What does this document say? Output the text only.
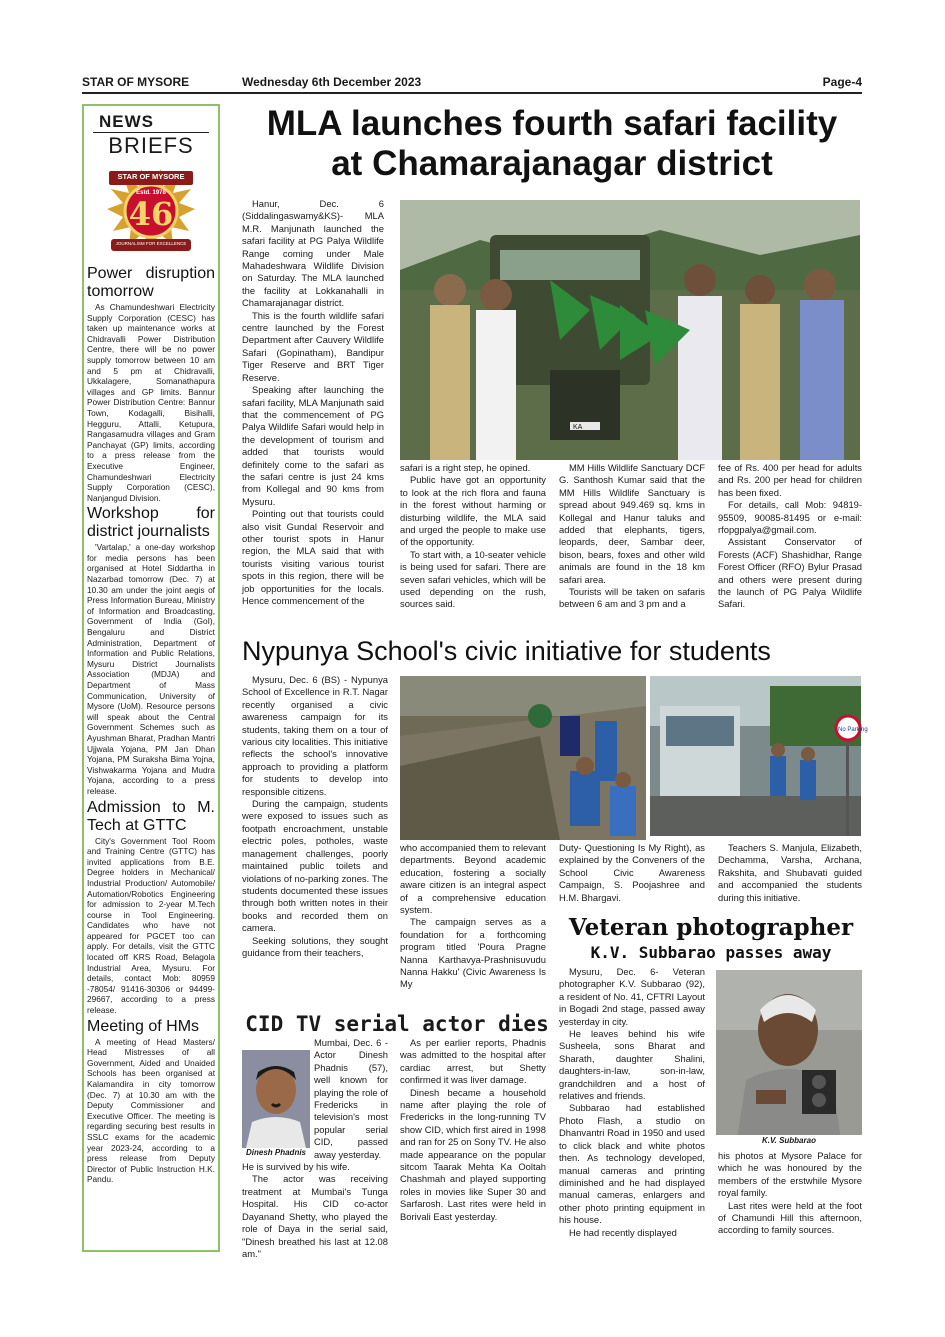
STAR OF MYSORE	Wednesday 6th December 2023	Page-4
NEWS
BRIEFS
STAR OF MYSORE
Estd. 1978
46
JOURNALISM FOR EXCELLENCE
Power disruption tomorrow

As Chamundeshwari Electricity Supply Corporation (CESC) has taken up maintenance works at Chidravalli Power Distribution Centre, there will be no power supply tomorrow between 10 am and 5 pm at Chidravalli, Ukkalagere, Somanathapura villages and GP limits. Bannur Power Distribution Centre: Bannur Town, Kodagalli, Bisihalli, Hegguru, Attalli, Ketupura, Rangasamudra villages and Gram Panchayat (GP) limits, according to a press release from the Executive Engineer, Chamundeshwari Electricity Supply Corporation (CESC), Nanjangud Division.

Workshop for district journalists

'Vartalap,' a one-day workshop for media persons has been organised at Hotel Siddartha in Nazarbad tomorrow (Dec. 7) at 10.30 am under the joint aegis of Press Information Bureau, Ministry of Information and Broadcasting, Government of India (GoI), Bengaluru and District Administration, Department of Information and Public Relations, Mysuru District Journalists Association (MDJA) and Department of Mass Communication, University of Mysore (UoM). Resource persons will speak about the Central Government Schemes such as Ayushman Bharat, Pradhan Mantri Ujjwala Yojana, PM Jan Dhan Yojana, PM Suraksha Bima Yojna, Vishwakarma Yojana and Mudra Yojana, according to a press release.

Admission to M. Tech at GTTC

City's Government Tool Room and Training Centre (GTTC) has invited applications from B.E. Degree holders in Mechanical/ Industrial Production/ Automobile/ Automation/Robotics Engineering for admission to 2-year M.Tech course in Tool Engineering. Candidates who have not appeared for PGCET too can apply. For details, visit the GTTC located off KRS Road, Belagola Industrial Area, Mysuru. For details, contact Mob: 80959 -78054/ 91416-30306 or 94499-29667, according to a press release.

Meeting of HMs

A meeting of Head Masters/ Head Mistresses of all Government, Aided and Unaided Schools has been organised at Kalamandira in city tomorrow (Dec. 7) at 10.30 am with the Deputy Commissioner and Executive Officer. The meeting is regarding securing best results in SSLC exams for the academic year 2023-24, according to a press release from Deputy Director of Public Instruction H.K. Pandu.

MLA launches fourth safari facility
at Chamarajanagar district

Hanur, Dec. 6 (Siddalingaswamy&KS)- MLA M.R. Manjunath launched the safari facility at PG Palya Wildlife Range coming under Male Mahadeshwara Wildlife Division on Saturday. The MLA launched the facility at Lokkanahalli in Chamarajanagar district.

This is the fourth wildlife safari centre launched by the Forest Department after Cauvery Wildlife Safari (Gopinatham), Bandipur Tiger Reserve and BRT Tiger Reserve.

Speaking after launching the safari facility, MLA Manjunath said that the commencement of PG Palya Wildlife Safari would help in the development of tourism and added that tourists would definitely come to the safari as the safari centre is just 24 kms from Kollegal and 90 kms from Mysuru.

Pointing out that tourists could also visit Gundal Reservoir and other tourist spots in Hanur region, the MLA said that with tourists visiting various tourist spots in this region, there will be job opportunities for the locals. Hence commencement of the

KA

safari is a right step, he opined.

Public have got an opportunity to look at the rich flora and fauna in the forest without harming or disturbing wildlife, the MLA said and urged the people to make use of the opportunity.

To start with, a 10-seater vehicle is being used for safari. There are seven safari vehicles, which will be used depending on the rush, sources said.

MM Hills Wildlife Sanctuary DCF G. Santhosh Kumar said that the MM Hills Wildlife Sanctuary is spread about 949.469 sq. kms in Kollegal and Hanur taluks and added that elephants, tigers, leopards, deer, Sambar deer, bison, bears, foxes and other wild animals are found in the 18 km safari area.

Tourists will be taken on safaris between 6 am and 3 pm and a

fee of Rs. 400 per head for adults and Rs. 200 per head for children has been fixed.

For details, call Mob: 94819-95509, 90085-81495 or e-mail: rfopgpalya@gmail.com.

Assistant Conservator of Forests (ACF) Shashidhar, Range Forest Officer (RFO) Bylur Prasad and others were present during the launch of PG Palya Wildlife Safari.

Nypunya School's civic initiative for students

Mysuru, Dec. 6 (BS) - Nypunya School of Excellence in R.T. Nagar recently organised a civic awareness campaign for its students, taking them on a tour of various city localities. This initiative reflects the school's innovative approach to providing a platform for students to develop into responsible citizens.

During the campaign, students were exposed to issues such as footpath encroachment, unstable electric poles, potholes, waste management challenges, poorly maintained public toilets and violations of no-parking zones. The students documented these issues through both written notes in their books and recorded them on camera.

Seeking solutions, they sought guidance from their teachers,

No Parking

who accompanied them to relevant departments. Beyond academic education, fostering a socially aware citizen is an integral aspect of a comprehensive education system.

The campaign serves as a foundation for a forthcoming program titled 'Poura Pragne Nanna Karthavya-Prashnisuvudu Nanna Hakku' (Civic Awareness Is My

Duty- Questioning Is My Right), as explained by the Conveners of the School Civic Awareness Campaign, S. Poojashree and H.M. Bhargavi.

Teachers S. Manjula, Elizabeth, Dechamma, Varsha, Archana, Rakshita, and Shubavati guided and accompanied the students during this initiative.

Veteran photographer
K.V. Subbarao passes away

Mysuru, Dec. 6- Veteran photographer K.V. Subbarao (92), a resident of No. 41, CFTRI Layout in Bogadi 2nd stage, passed away yesterday in city.

He leaves behind his wife Susheela, sons Bharat and Sharath, daughter Shalini, daughters-in-law, son-in-law, grandchildren and a host of relatives and friends.

Subbarao had established Photo Flash, a studio on Dhanvantri Road in 1950 and used to click black and white photos then. As technology developed, manual cameras and printing diminished and he had displayed manual cameras, enlargers and other photo printing equipment in his house.

He had recently displayed

K.V. Subbarao

his photos at Mysore Palace for which he was honoured by the members of the erstwhile Mysore royal family.

Last rites were held at the foot of Chamundi Hill this afternoon, according to family sources.

CID TV serial actor dies
Dinesh Phadnis

Mumbai, Dec. 6 - Actor Dinesh Phadnis (57), well known for playing the role of Fredericks in television's most popular serial CID, passed away yesterday.

He is survived by his wife.

The actor was receiving treatment at Mumbai's Tunga Hospital. His CID co-actor Dayanand Shetty, who played the role of Daya in the serial said, "Dinesh breathed his last at 12.08 am."

As per earlier reports, Phadnis was admitted to the hospital after cardiac arrest, but Shetty confirmed it was liver damage.

Dinesh became a household name after playing the role of Fredericks in the long-running TV show CID, which first aired in 1998 and ran for 25 on Sony TV. He also made appearance on the popular sitcom Taarak Mehta Ka Ooltah Chashmah and played supporting roles in movies like Super 30 and Sarfarosh. Last rites were held in Borivali East yesterday.
